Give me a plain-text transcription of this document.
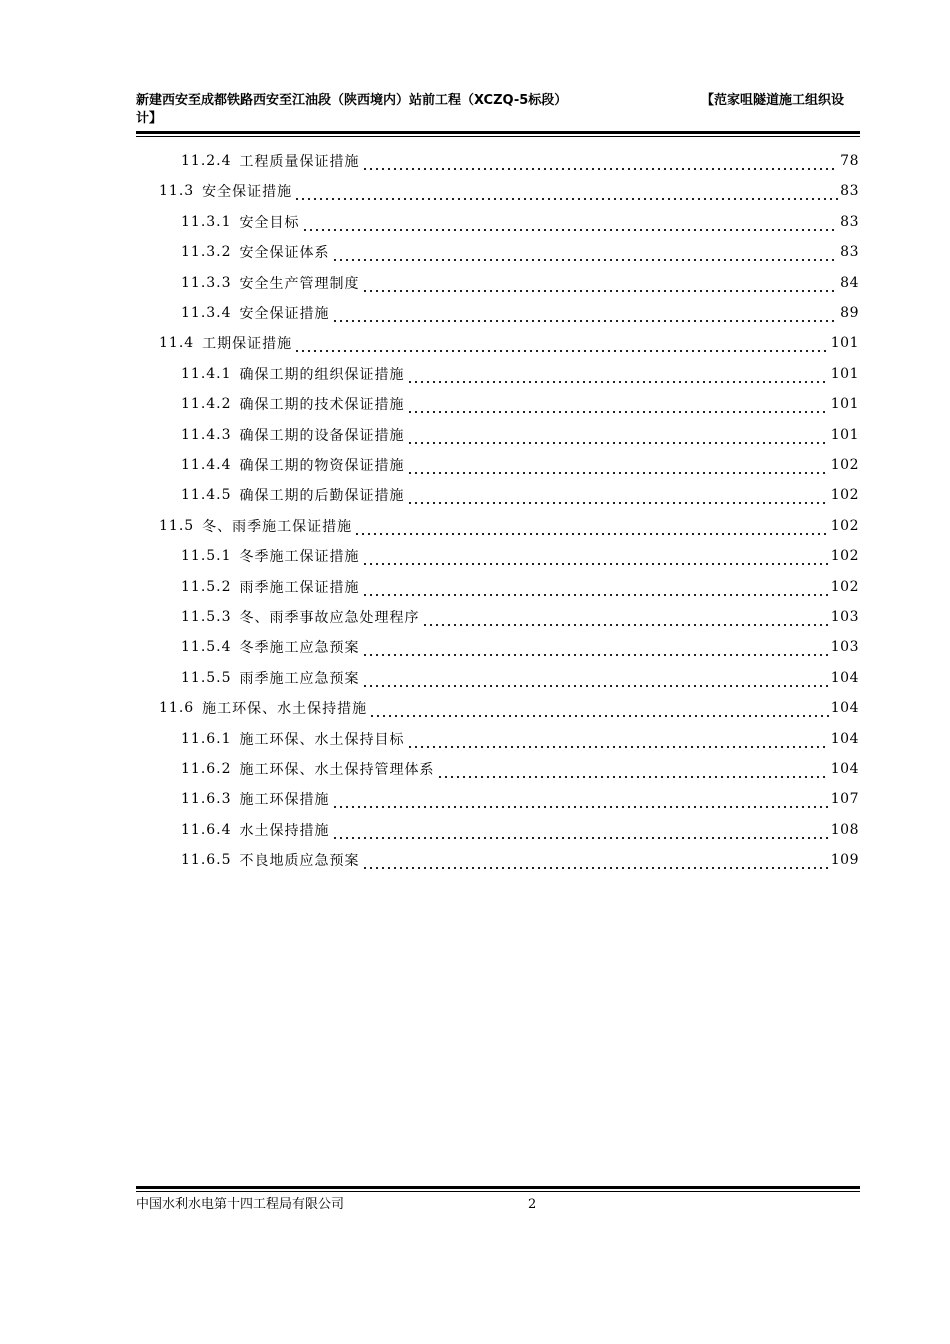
新建西安至成都铁路西安至江油段（陕西境内）站前工程（XCZQ-5标段）
计】
【范家咀隧道施工组织设
11.2.4 工程质量保证措施	78
11.3 安全保证措施	83
11.3.1 安全目标	83
11.3.2 安全保证体系	83
11.3.3 安全生产管理制度	84
11.3.4 安全保证措施	89
11.4 工期保证措施	101
11.4.1 确保工期的组织保证措施	101
11.4.2 确保工期的技术保证措施	101
11.4.3 确保工期的设备保证措施	101
11.4.4 确保工期的物资保证措施	102
11.4.5 确保工期的后勤保证措施	102
11.5 冬、雨季施工保证措施	102
11.5.1 冬季施工保证措施	102
11.5.2 雨季施工保证措施	102
11.5.3 冬、雨季事故应急处理程序	103
11.5.4 冬季施工应急预案	103
11.5.5 雨季施工应急预案	104
11.6 施工环保、水土保持措施	104
11.6.1 施工环保、水土保持目标	104
11.6.2 施工环保、水土保持管理体系	104
11.6.3 施工环保措施	107
11.6.4 水土保持措施	108
11.6.5 不良地质应急预案	109
中国水利水电第十四工程局有限公司	2
